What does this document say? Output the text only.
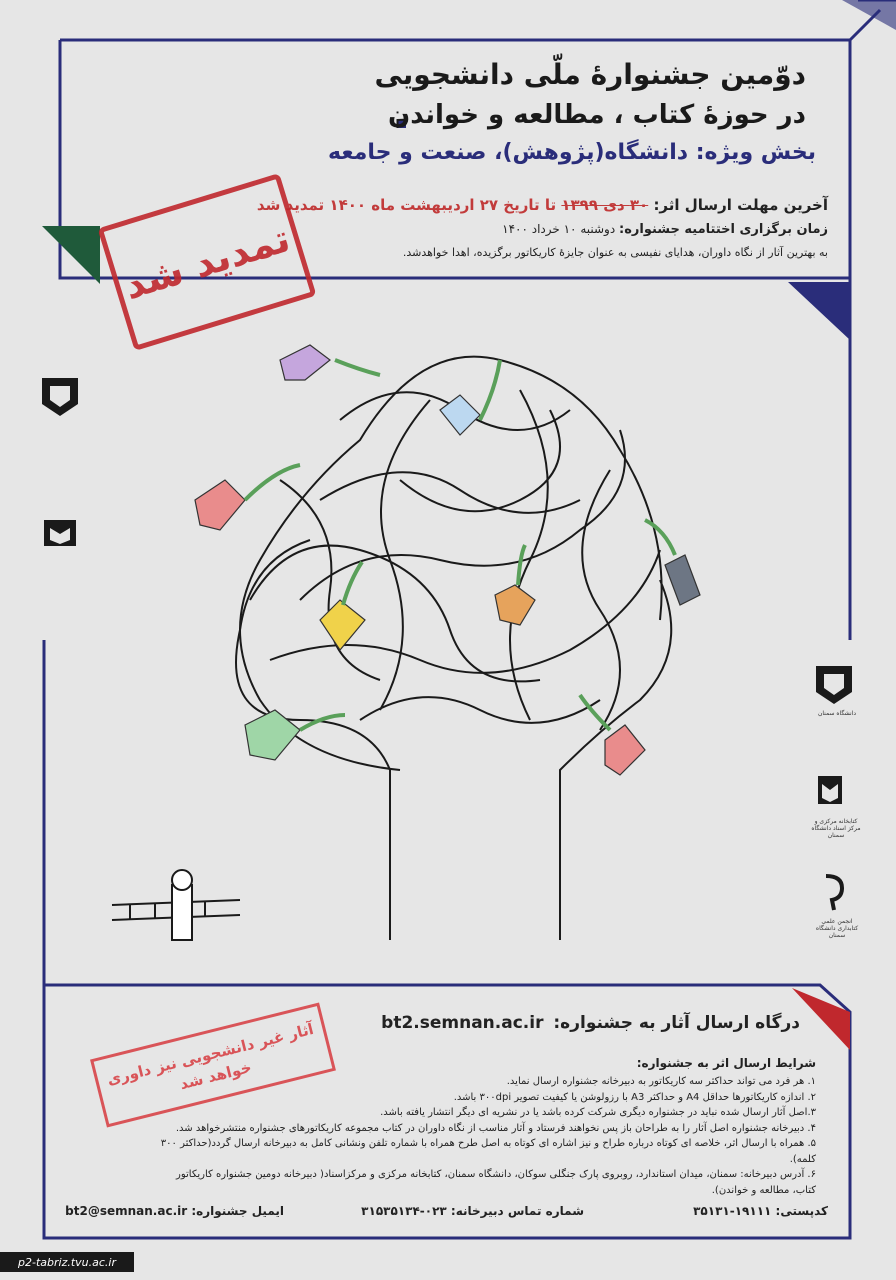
دوّمین جشنوارۀ ملّی دانشجویی
در حوزۀ کتاب ، مطالعه و خواندن
بخش ویژه: دانشگاه(پژوهش)، صنعت و جامعه
آخرین مهلت ارسال اثر: ۳۰ دی ۱۳۹۹ تا تاریخ ۲۷ اردیبهشت ماه ۱۴۰۰ تمدید شد
زمان برگزاری اختتامیه جشنواره: دوشنبه ۱۰ خرداد ۱۴۰۰
به بهترین آثار از نگاه داوران، هدایای نفیسی به عنوان جایزۀ کاریکاتور برگزیده، اهدا خواهدشد.
تمدید شد
دانشگاه سمنان
کتابخانه مرکزی و مرکز اسناد دانشگاه سمنان
انجمن علمی کتابداری دانشگاه سمنان
آثار غیر دانشجویی نیز داوری خواهد شد
درگاه ارسال آثار به جشنواره: bt2.semnan.ac.ir
شرایط ارسال اثر به جشنواره:
۱. هر فرد می تواند حداکثر سه کاریکاتور به دبیرخانه جشنواره ارسال نماید.
۲. اندازه کاریکاتورها حداقل A4 و حداکثر A3 با رزولوشن یا کیفیت تصویر ۳۰۰dpi باشد.
۳.اصل آثار ارسال شده نباید در جشنواره دیگری شرکت کرده باشد یا در نشریه ای دیگر انتشار یافته باشد.
۴. دبیرخانه جشنواره اصل آثار را به طراحان باز پس نخواهند فرستاد و آثار مناسب از نگاه داوران در کتاب مجموعه کاریکاتورهای جشنواره منتشرخواهد شد.
۵. همراه با ارسال اثر، خلاصه ای کوتاه درباره طراح و نیز اشاره ای کوتاه به اصل طرح همراه با شماره تلفن ونشانی کامل به دبیرخانه ارسال گردد(حداکثر ۳۰۰ کلمه).
۶. آدرس دبیرخانه: سمنان، میدان استاندارد، روبروی پارک جنگلی سوکان، دانشگاه سمنان، کتابخانه مرکزی و مرکزاسناد( دبیرخانه دومین جشنواره کاریکاتور کتاب، مطالعه و خواندن).
کدپستی: ۱۹۱۱۱-۳۵۱۳۱
شماره تماس دبیرخانه: ۰۲۳-۳۱۵۳۵۱۳۴
ایمیل جشنواره: bt2@semnan.ac.ir
p2-tabriz.tvu.ac.ir
